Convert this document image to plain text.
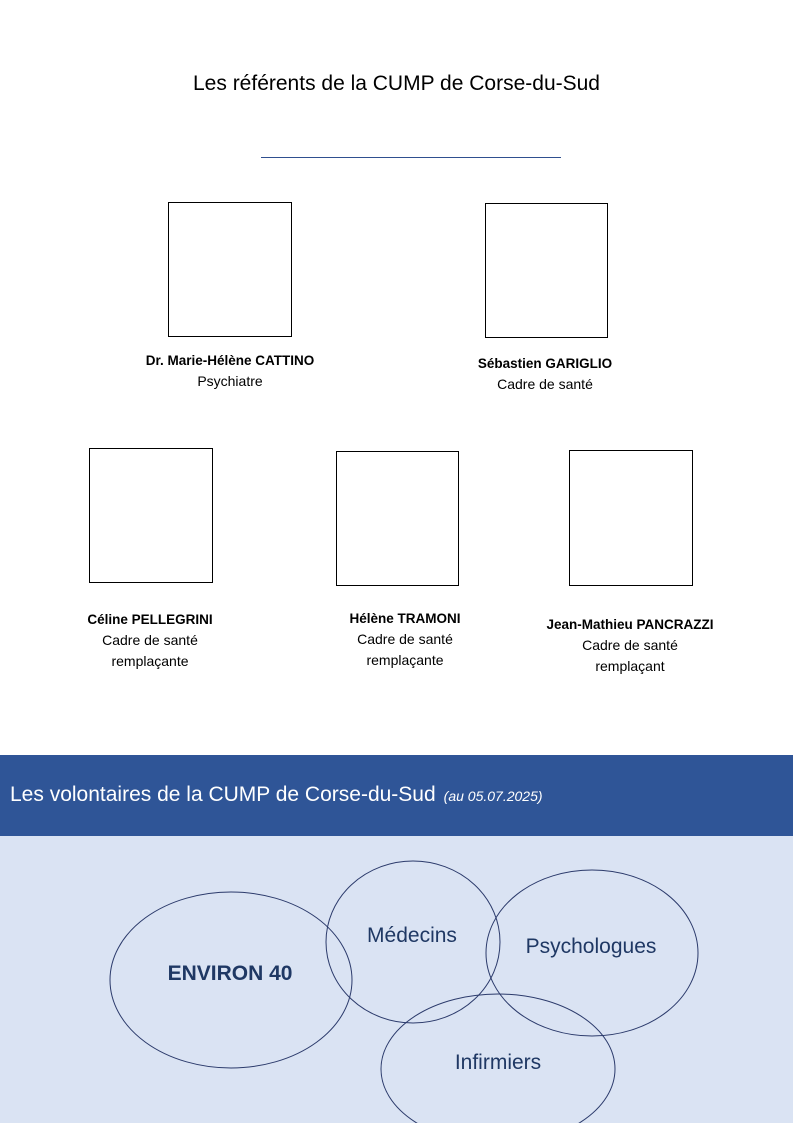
Les référents de la CUMP de Corse-du-Sud
Dr. Marie-Hélène CATTINO
Psychiatre
Sébastien GARIGLIO
Cadre de santé
Céline PELLEGRINI
Cadre de santé
remplaçante
Hélène TRAMONI
Cadre de santé
remplaçante
Jean-Mathieu PANCRAZZI
Cadre de santé
remplaçant
Les volontaires de la CUMP de Corse-du-Sud (au 05.07.2025)
ENVIRON 40
Médecins	Psychologues
Infirmiers
